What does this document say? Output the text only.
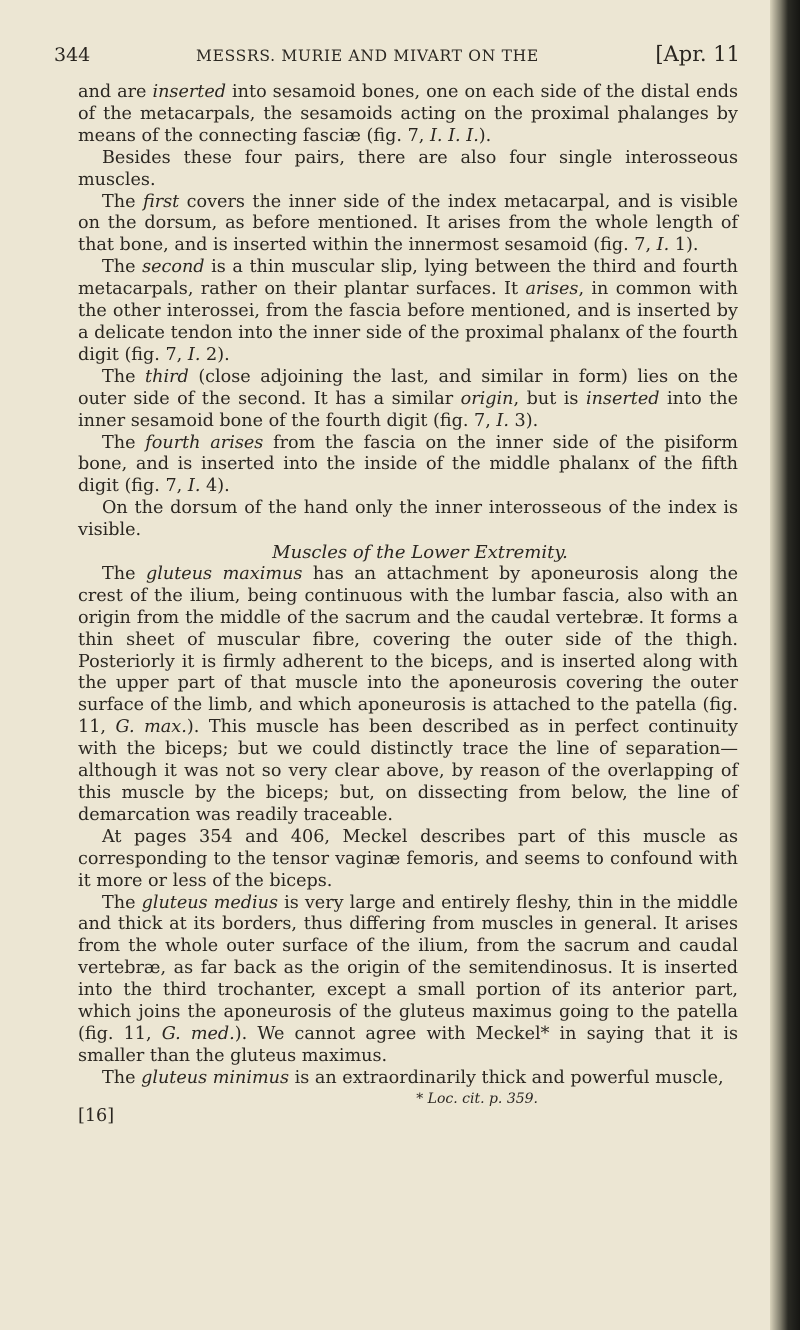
344	MESSRS. MURIE AND MIVART ON THE	[Apr. 11

and are inserted into sesamoid bones, one on each side of the distal ends of the metacarpals, the sesamoids acting on the proximal phalanges by means of the connecting fasciæ (fig. 7, I. I. I.).

Besides these four pairs, there are also four single interosseous muscles.

The first covers the inner side of the index metacarpal, and is visible on the dorsum, as before mentioned. It arises from the whole length of that bone, and is inserted within the innermost sesamoid (fig. 7, I. 1).

The second is a thin muscular slip, lying between the third and fourth metacarpals, rather on their plantar surfaces. It arises, in common with the other interossei, from the fascia before mentioned, and is inserted by a delicate tendon into the inner side of the proximal phalanx of the fourth digit (fig. 7, I. 2).

The third (close adjoining the last, and similar in form) lies on the outer side of the second. It has a similar origin, but is inserted into the inner sesamoid bone of the fourth digit (fig. 7, I. 3).

The fourth arises from the fascia on the inner side of the pisiform bone, and is inserted into the inside of the middle phalanx of the fifth digit (fig. 7, I. 4).

On the dorsum of the hand only the inner interosseous of the index is visible.

Muscles of the Lower Extremity.

The gluteus maximus has an attachment by aponeurosis along the crest of the ilium, being continuous with the lumbar fascia, also with an origin from the middle of the sacrum and the caudal vertebræ. It forms a thin sheet of muscular fibre, covering the outer side of the thigh. Posteriorly it is firmly adherent to the biceps, and is inserted along with the upper part of that muscle into the aponeurosis covering the outer surface of the limb, and which aponeurosis is attached to the patella (fig. 11, G. max.). This muscle has been described as in perfect continuity with the biceps; but we could distinctly trace the line of separation—although it was not so very clear above, by reason of the overlapping of this muscle by the biceps; but, on dissecting from below, the line of demarcation was readily traceable.

At pages 354 and 406, Meckel describes part of this muscle as corresponding to the tensor vaginæ femoris, and seems to confound with it more or less of the biceps.

The gluteus medius is very large and entirely fleshy, thin in the middle and thick at its borders, thus differing from muscles in general. It arises from the whole outer surface of the ilium, from the sacrum and caudal vertebræ, as far back as the origin of the semitendinosus. It is inserted into the third trochanter, except a small portion of its anterior part, which joins the aponeurosis of the gluteus maximus going to the patella (fig. 11, G. med.). We cannot agree with Meckel* in saying that it is smaller than the gluteus maximus.

The gluteus minimus is an extraordinarily thick and powerful muscle,

* Loc. cit. p. 359.

[16]
